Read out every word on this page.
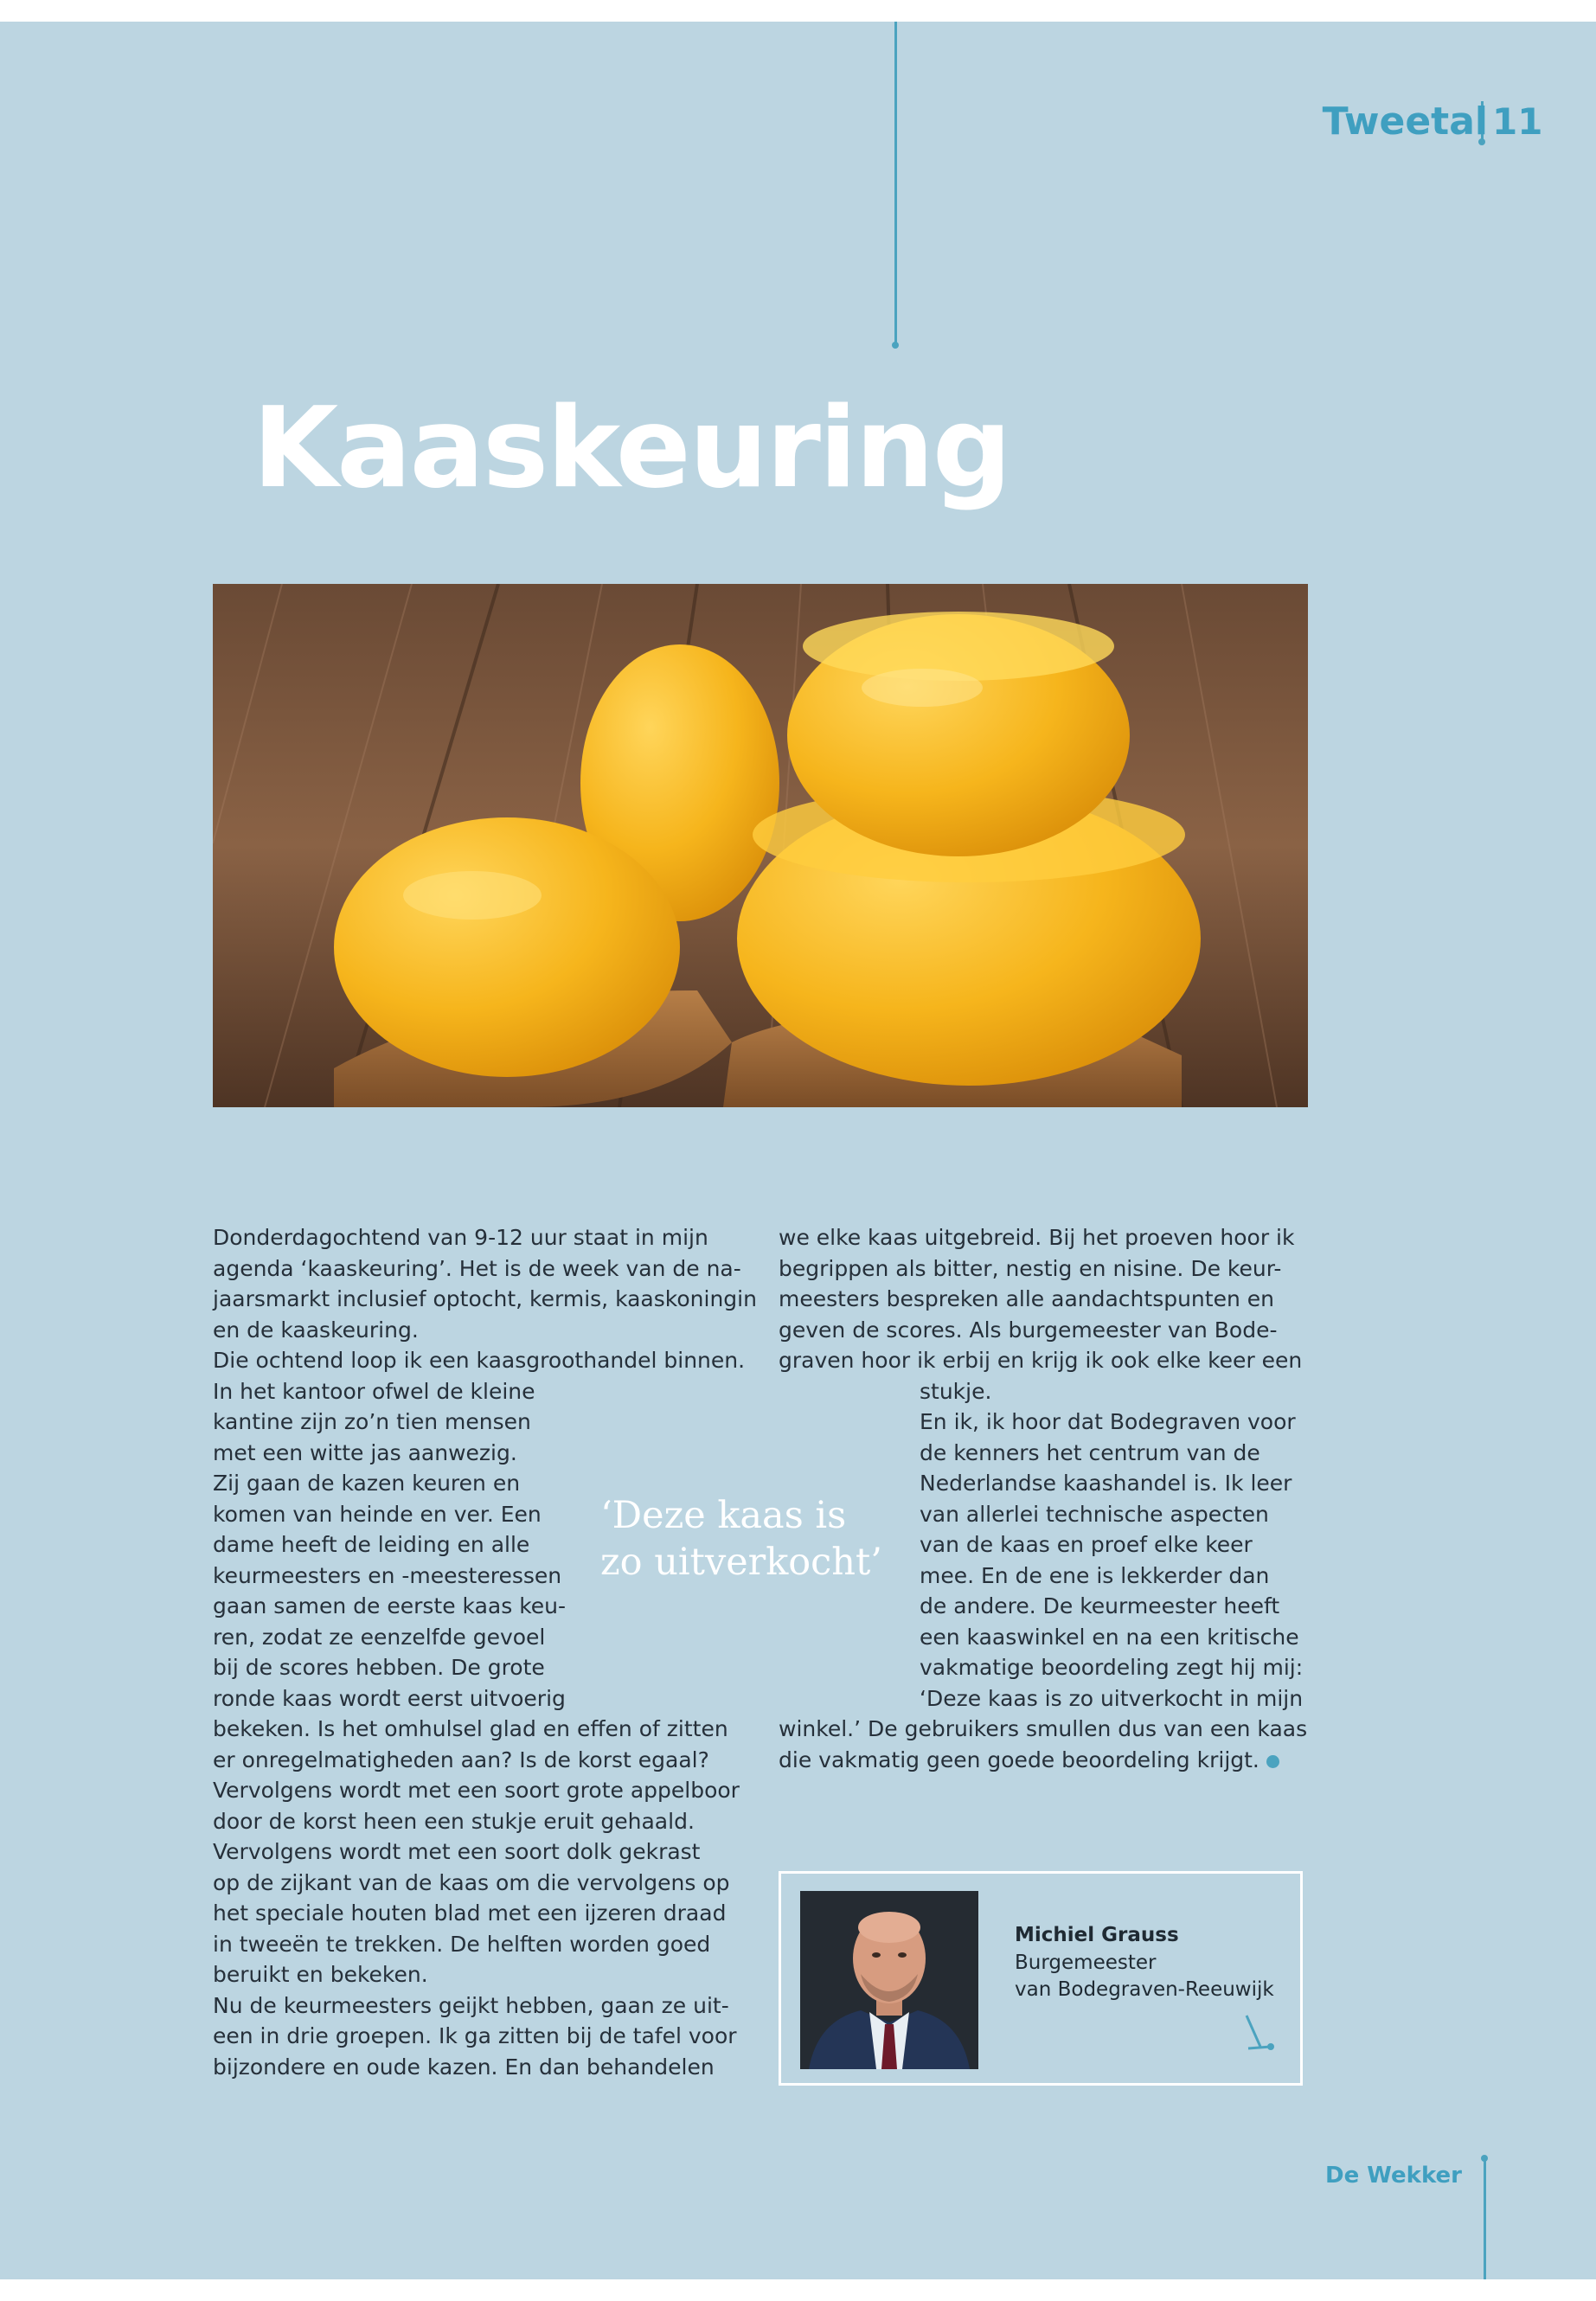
Tweetal 11
Kaaskeuring
Donderdagochtend van 9-12 uur staat in mijn
agenda ‘kaaskeuring’. Het is de week van de na-
jaarsmarkt inclusief optocht, kermis, kaaskoningin
en de kaaskeuring.
Die ochtend loop ik een kaasgroothandel binnen.
In het kantoor ofwel de kleine
kantine zijn zo’n tien mensen
met een witte jas aanwezig.
Zij gaan de kazen keuren en
komen van heinde en ver. Een
dame heeft de leiding en alle
keurmeesters en -meesteressen
gaan samen de eerste kaas keu-
ren, zodat ze eenzelfde gevoel
bij de scores hebben. De grote
ronde kaas wordt eerst uitvoerig
bekeken. Is het omhulsel glad en effen of zitten
er onregelmatigheden aan? Is de korst egaal?
Vervolgens wordt met een soort grote appelboor
door de korst heen een stukje eruit gehaald.
Vervolgens wordt met een soort dolk gekrast
op de zijkant van de kaas om die vervolgens op
het speciale houten blad met een ijzeren draad
in tweeën te trekken. De helften worden goed
beruikt en bekeken.
Nu de keurmeesters geijkt hebben, gaan ze uit-
een in drie groepen. Ik ga zitten bij de tafel voor
bijzondere en oude kazen. En dan behandelen
‘Deze kaas is
zo uitverkocht’
we elke kaas uitgebreid. Bij het proeven hoor ik
begrippen als bitter, nestig en nisine. De keur-
meesters bespreken alle aandachtspunten en
geven de scores. Als burgemeester van Bode-
graven hoor ik erbij en krijg ik ook elke keer een
stukje.
En ik, ik hoor dat Bodegraven voor
de kenners het centrum van de
Nederlandse kaashandel is. Ik leer
van allerlei technische aspecten
van de kaas en proef elke keer
mee. En de ene is lekkerder dan
de andere. De keurmeester heeft
een kaaswinkel en na een kritische
vakmatige beoordeling zegt hij mij:
‘Deze kaas is zo uitverkocht in mijn
winkel.’ De gebruikers smullen dus van een kaas
die vakmatig geen goede beoordeling krijgt.
Michiel Grauss
Burgemeester
van Bodegraven-Reeuwijk
De Wekker
